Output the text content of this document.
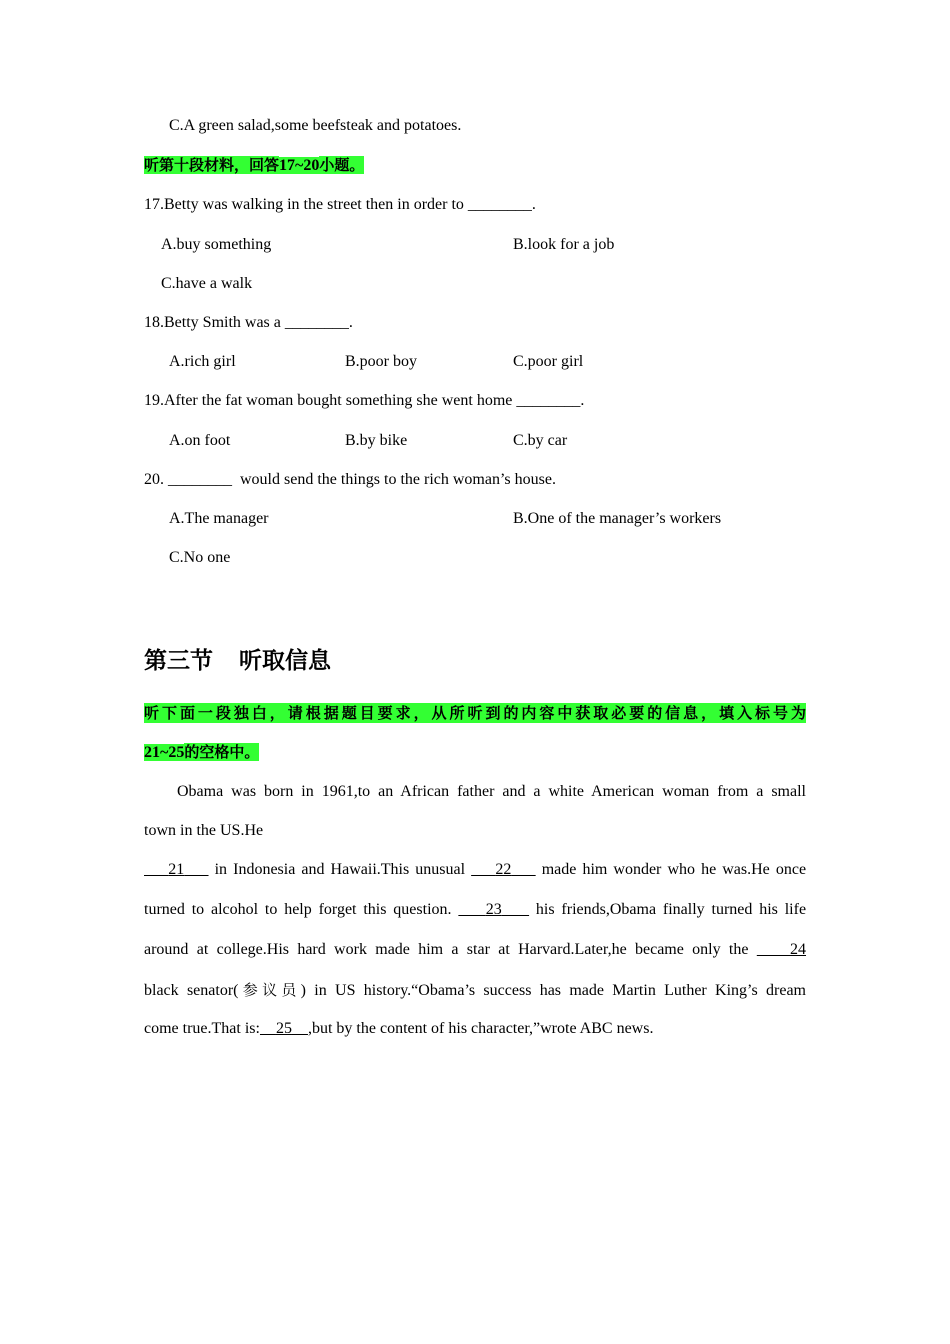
C.A green salad,some beefsteak and potatoes.
听第十段材料，回答17~20小题。
17.Betty was walking in the street then in order to ________.
A.buy something	B.look for a job
C.have a walk
18.Betty Smith was a ________.
A.rich girl	B.poor boy	C.poor girl
19.After the fat woman bought something she went home ________.
A.on foot	B.by bike	C.by car
20. ________ would send the things to the rich woman’s house.
A.The manager	B.One of the manager’s workers
C.No one
第三节 听取信息
听下面一段独白，请根据题目要求，从所听到的内容中获取必要的信息，填入标号为
21~25的空格中。
Obama was born in 1961,to an African father and a white American woman from a small
town in the US.He
21 in Indonesia and Hawaii.This unusual 22 made him wonder who he was.He once
turned to alcohol to help forget this question. 23 his friends,Obama finally turned his life
around at college.His hard work made him a star at Harvard.Later,he became only the	24
black senator(参议员) in US history.“Obama’s success has made Martin Luther King’s dream
come true.That is: 25 ,but by the content of his character,”wrote ABC news.
